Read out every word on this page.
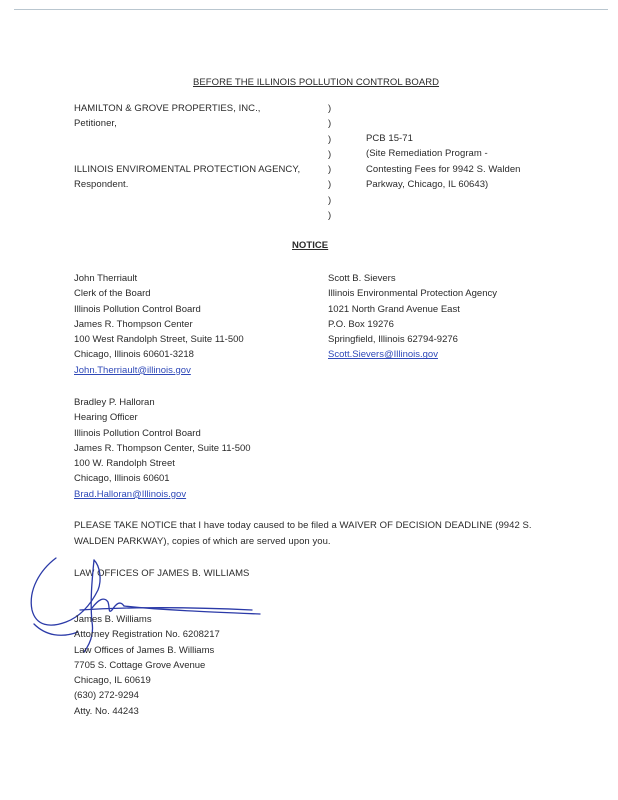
BEFORE THE ILLINOIS POLLUTION CONTROL BOARD
HAMILTON & GROVE PROPERTIES, INC.,
Petitioner,
ILLINOIS ENVIROMENTAL PROTECTION AGENCY,
Respondent.
)
)
)
)
)
)
)
)
PCB 15-71
(Site Remediation Program -
Contesting Fees for 9942 S. Walden
Parkway, Chicago, IL 60643)
NOTICE
John Therriault
Clerk of the Board
Illinois Pollution Control Board
James R. Thompson Center
100 West Randolph Street, Suite 11-500
Chicago, Illinois 60601-3218
John.Therriault@illinois.gov
Scott B. Sievers
Illinois Environmental Protection Agency
1021 North Grand Avenue East
P.O. Box 19276
Springfield, Illinois 62794-9276
Scott.Sievers@Illinois.gov
Bradley P. Halloran
Hearing Officer
Illinois Pollution Control Board
James R. Thompson Center, Suite 11-500
100 W. Randolph Street
Chicago, Illinois 60601
Brad.Halloran@Illinois.gov
PLEASE TAKE NOTICE that I have today caused to be filed a WAIVER OF DECISION DEADLINE (9942 S.
WALDEN PARKWAY), copies of which are served upon you.
LAW OFFICES OF JAMES B. WILLIAMS
James B. Williams
Attorney Registration No. 6208217
Law Offices of James B. Williams
7705 S. Cottage Grove Avenue
Chicago, IL 60619
(630) 272-9294
Atty. No. 44243
